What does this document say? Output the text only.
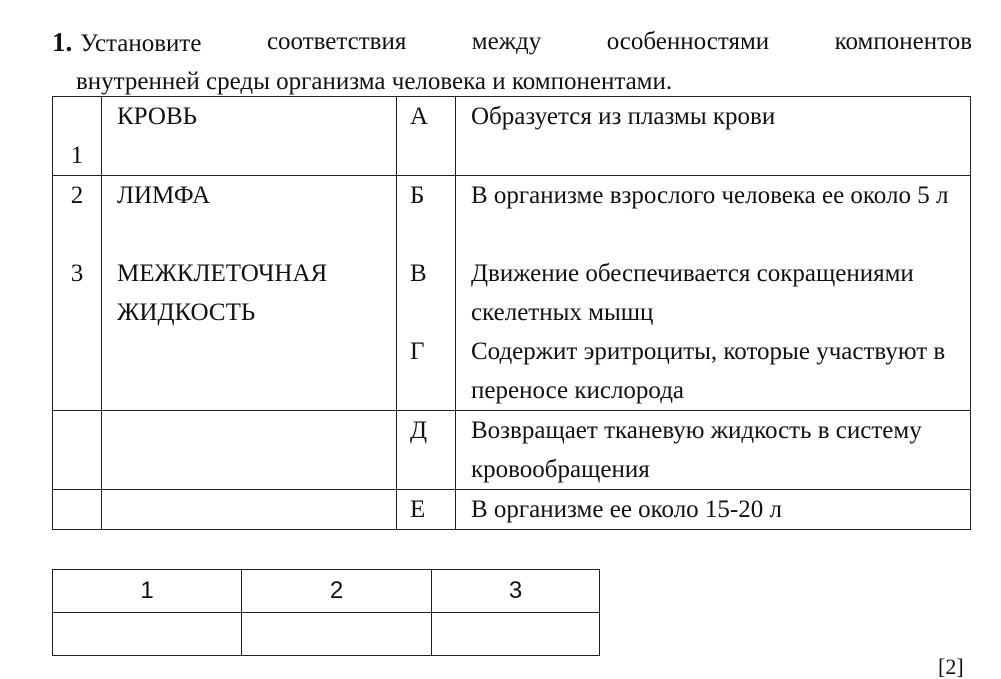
1. Установите	соответствия	между	особенностями	компонентов
внутренней среды организма человека и компонентами.
1	КРОВЬ	А	Образуется из плазмы крови
2	ЛИМФА	Б	В организме взрослого человека ее около 5 л
3	МЕЖКЛЕТОЧНАЯ ЖИДКОСТЬ	В	Движение обеспечивается сокращениями скелетных мышц
		Г	Содержит эритроциты, которые участвуют в переносе кислорода
		Д	Возвращает тканевую жидкость в систему кровообращения
		Е	В организме ее около 15-20 л
1	2	3

[2]
